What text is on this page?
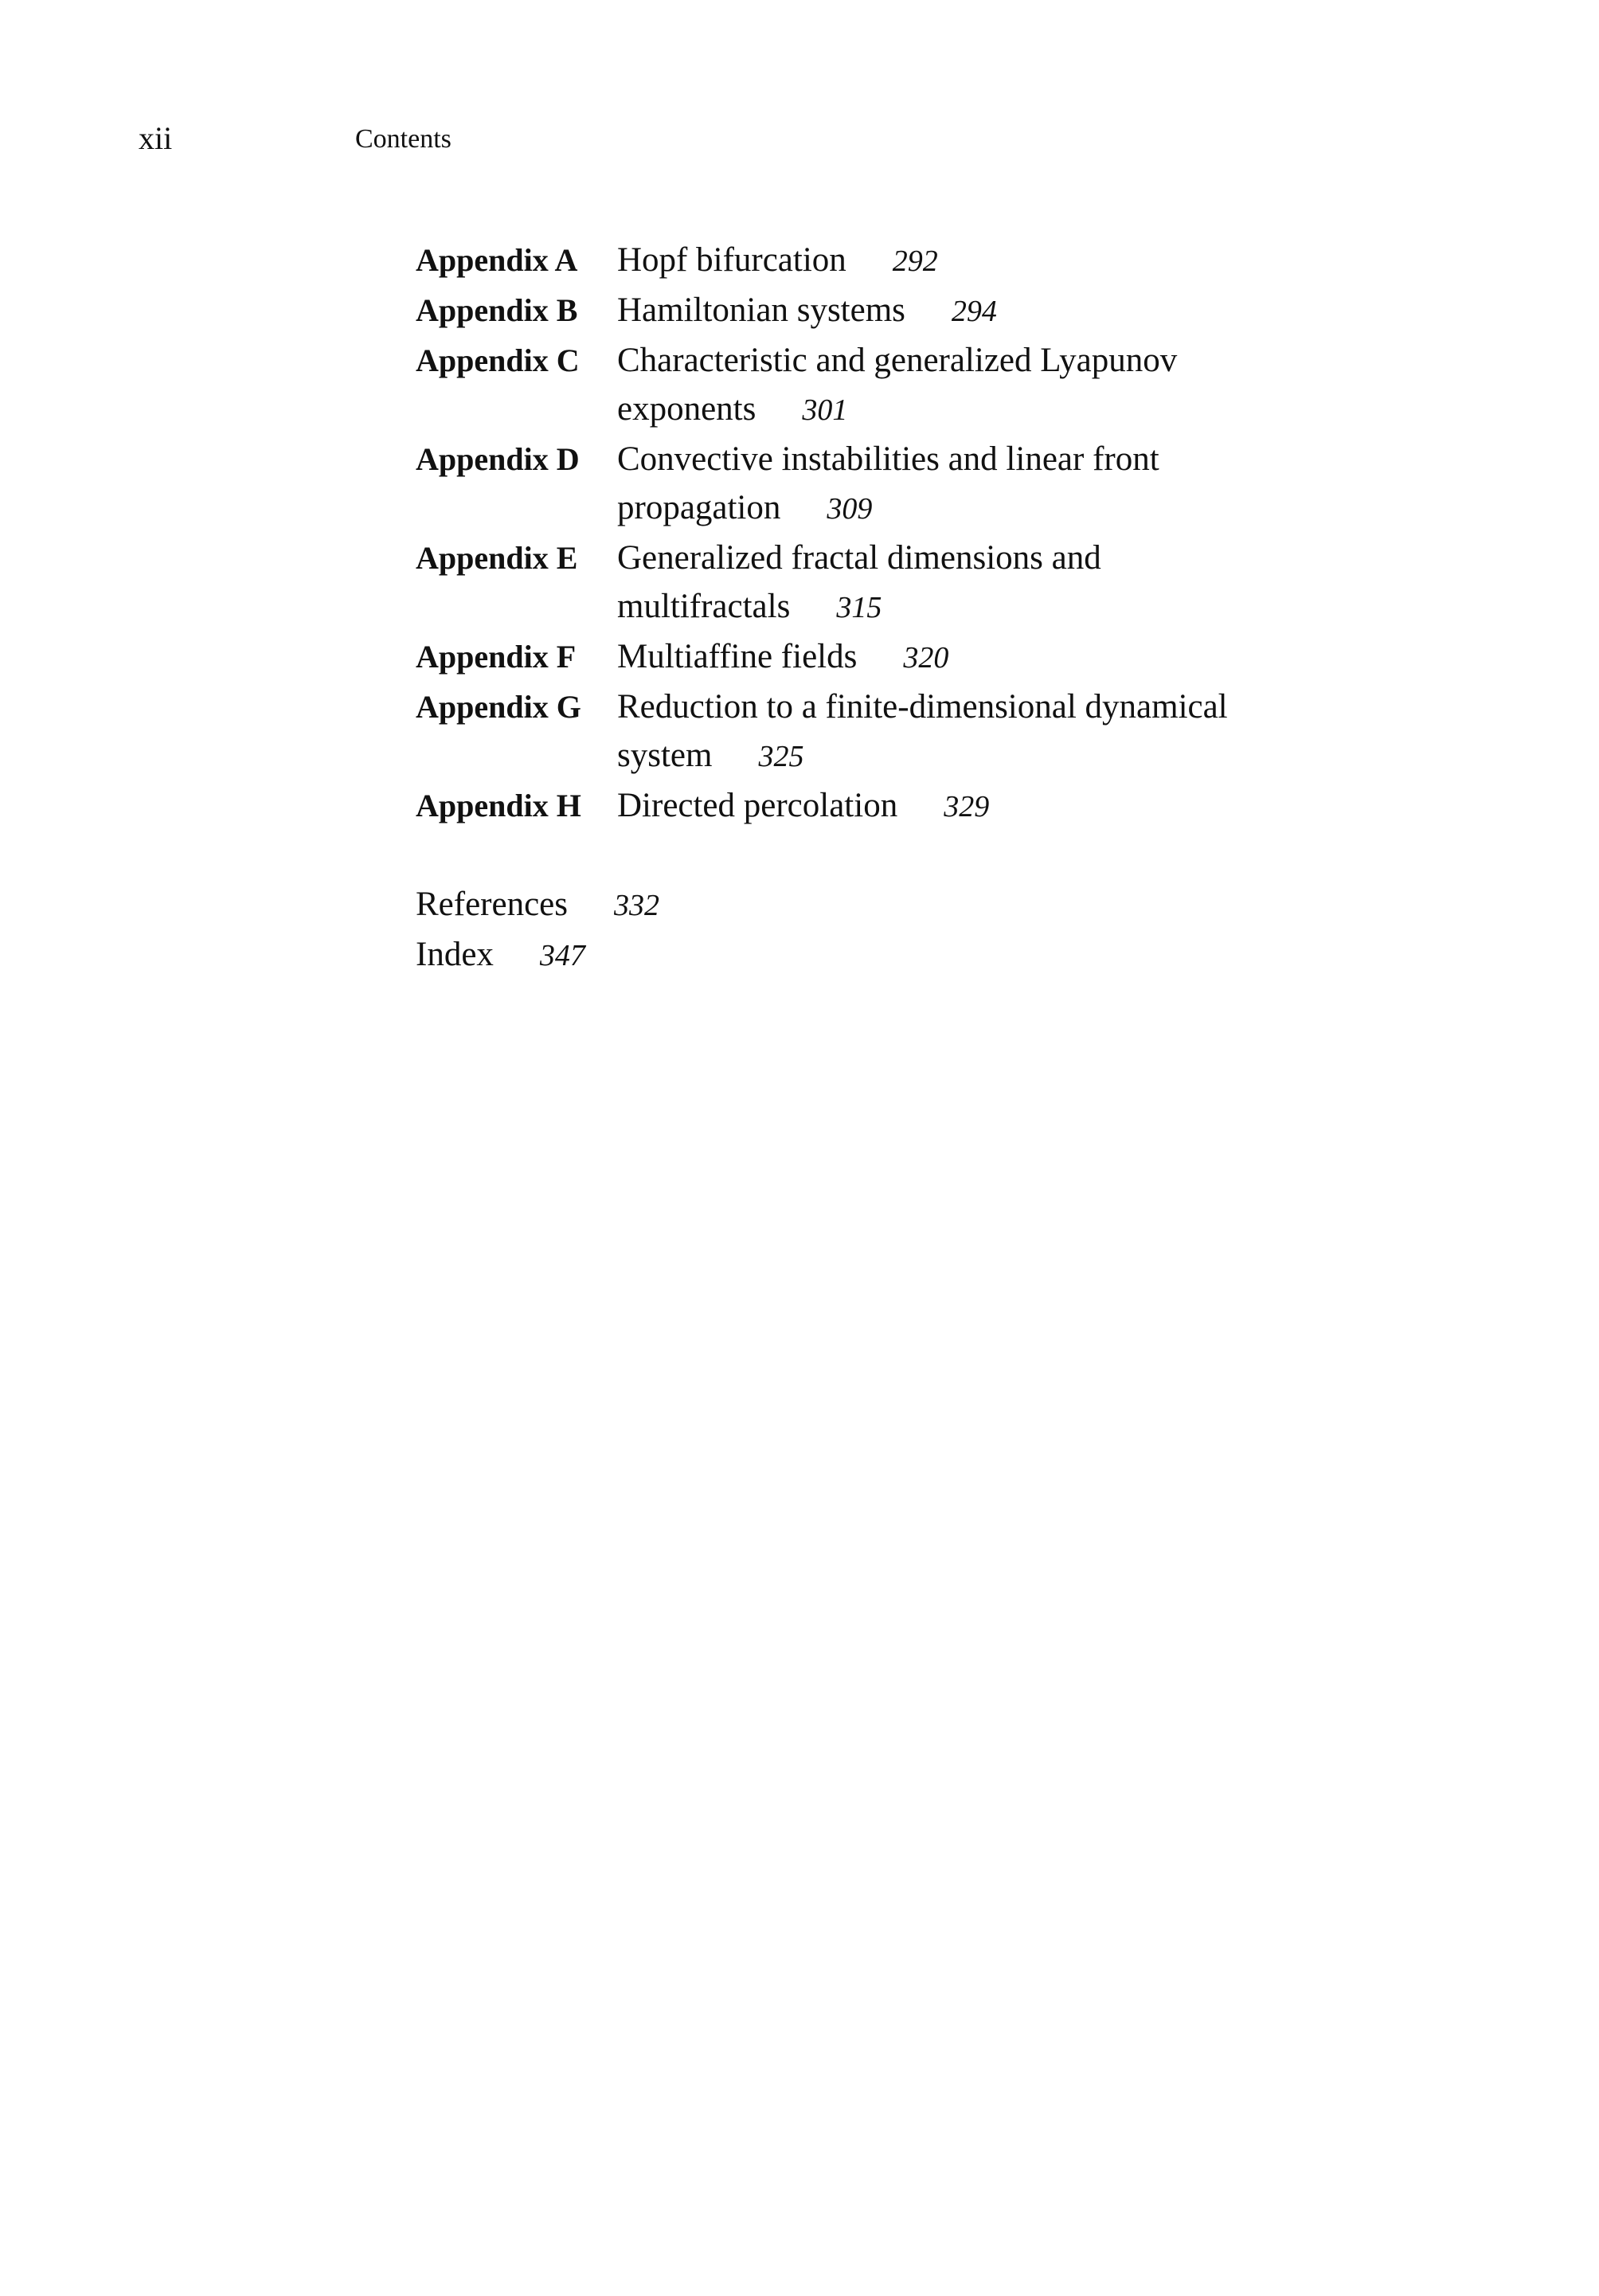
xii	Contents
Appendix A	Hopf bifurcation 292
Appendix B	Hamiltonian systems 294
Appendix C	Characteristic and generalized Lyapunov exponents 301
Appendix D	Convective instabilities and linear front propagation 309
Appendix E	Generalized fractal dimensions and multifractals 315
Appendix F	Multiaffine fields 320
Appendix G	Reduction to a finite-dimensional dynamical system 325
Appendix H	Directed percolation 329
References 332
Index 347
